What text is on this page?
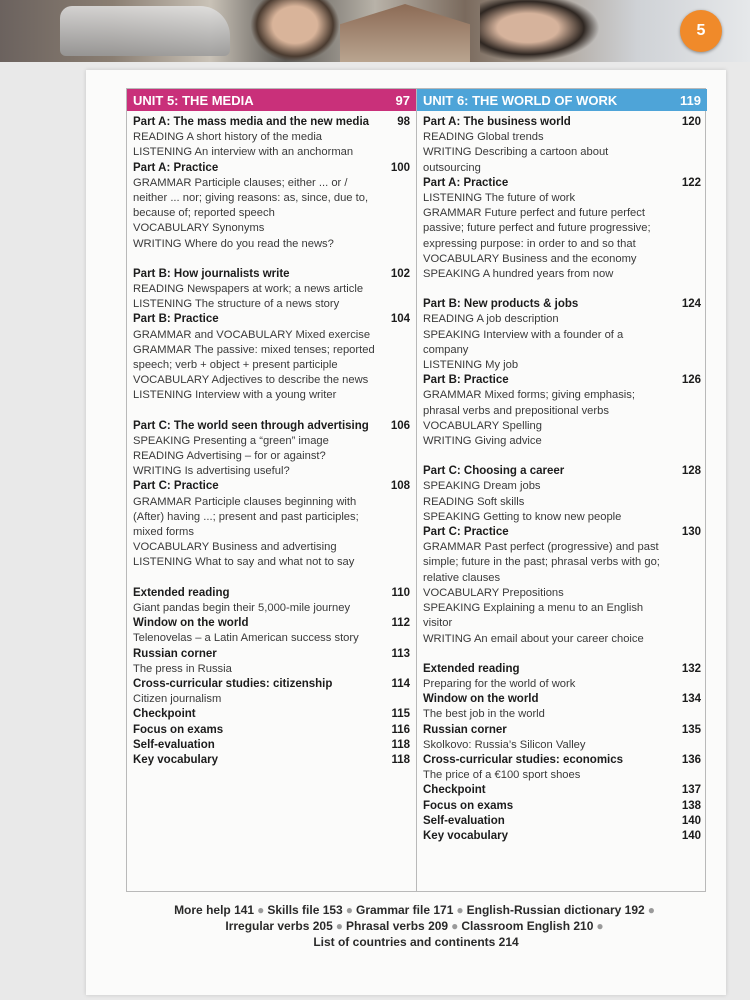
5
UNIT 5: THE MEDIA	97
Part A: The mass media and the new media	98
READING A short history of the media
LISTENING An interview with an anchorman
Part A: Practice	100
GRAMMAR Participle clauses; either ... or / neither ... nor; giving reasons: as, since, due to, because of; reported speech
VOCABULARY Synonyms
WRITING Where do you read the news?
Part B: How journalists write	102
READING Newspapers at work; a news article
LISTENING The structure of a news story
Part B: Practice	104
GRAMMAR and VOCABULARY Mixed exercise
GRAMMAR The passive: mixed tenses; reported speech; verb + object + present participle
VOCABULARY Adjectives to describe the news
LISTENING Interview with a young writer
Part C: The world seen through advertising	106
SPEAKING Presenting a “green” image
READING Advertising – for or against?
WRITING Is advertising useful?
Part C: Practice	108
GRAMMAR Participle clauses beginning with (After) having ...; present and past participles; mixed forms
VOCABULARY Business and advertising
LISTENING What to say and what not to say
Extended reading	110
Giant pandas begin their 5,000-mile journey
Window on the world	112
Telenovelas – a Latin American success story
Russian corner	113
The press in Russia
Cross-curricular studies: citizenship	114
Citizen journalism
Checkpoint	115
Focus on exams	116
Self-evaluation	118
Key vocabulary	118
UNIT 6: THE WORLD OF WORK	119
Part A: The business world	120
READING Global trends
WRITING Describing a cartoon about outsourcing
Part A: Practice	122
LISTENING The future of work
GRAMMAR Future perfect and future perfect passive; future perfect and future progressive; expressing purpose: in order to and so that
VOCABULARY Business and the economy
SPEAKING A hundred years from now
Part B: New products & jobs	124
READING A job description
SPEAKING Interview with a founder of a company
LISTENING My job
Part B: Practice	126
GRAMMAR Mixed forms; giving emphasis; phrasal verbs and prepositional verbs
VOCABULARY Spelling
WRITING Giving advice
Part C: Choosing a career	128
SPEAKING Dream jobs
READING Soft skills
SPEAKING Getting to know new people
Part C: Practice	130
GRAMMAR Past perfect (progressive) and past simple; future in the past; phrasal verbs with go; relative clauses
VOCABULARY Prepositions
SPEAKING Explaining a menu to an English visitor
WRITING An email about your career choice
Extended reading	132
Preparing for the world of work
Window on the world	134
The best job in the world
Russian corner	135
Skolkovo: Russia’s Silicon Valley
Cross-curricular studies: economics	136
The price of a €100 sport shoes
Checkpoint	137
Focus on exams	138
Self-evaluation	140
Key vocabulary	140
More help 141 ● Skills file 153 ● Grammar file 171 ● English-Russian dictionary 192 ●
Irregular verbs 205 ● Phrasal verbs 209 ● Classroom English 210 ●
List of countries and continents 214
